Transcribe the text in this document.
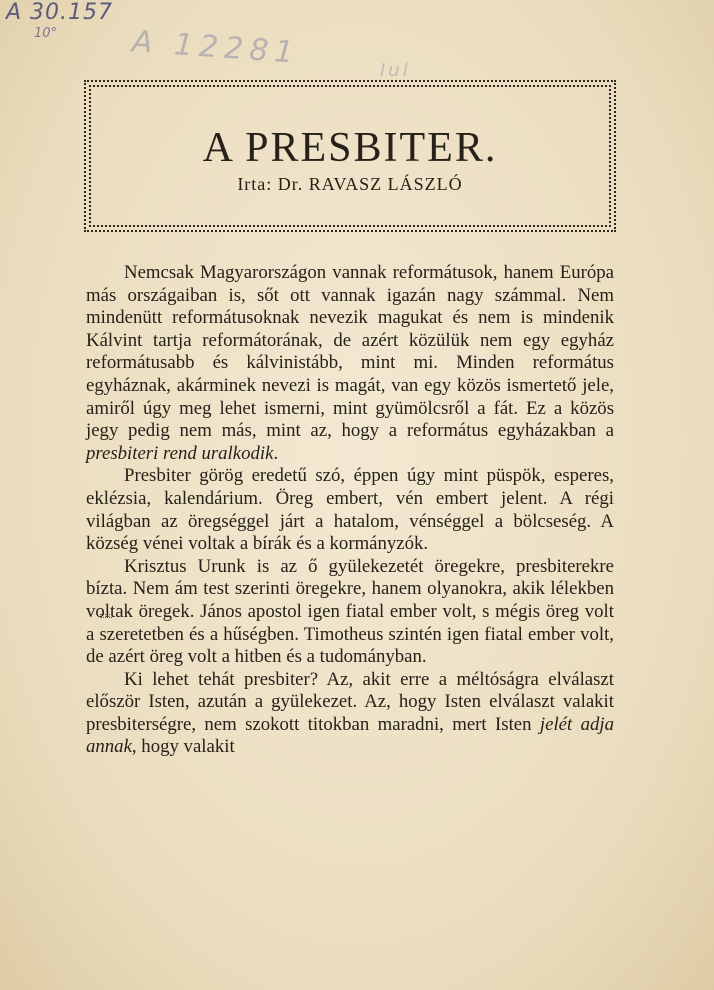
A 30.157
10° A 12281	Iul
A PRESBITER.
Irta: Dr. RAVASZ LÁSZLÓ

Nemcsak Magyarországon vannak reformátusok, hanem Európa más országaiban is, sőt ott vannak igazán nagy számmal. Nem mindenütt reformátusoknak nevezik magukat és nem is mindenik Kálvint tartja reformátorának, de azért közülük nem egy egyház reformátusabb és kálvinistább, mint mi. Minden református egyháznak, akárminek nevezi is magát, van egy közös ismertető jele, amiről úgy meg lehet ismerni, mint gyümölcsről a fát. Ez a közös jegy pedig nem más, mint az, hogy a református egyházakban a presbiteri rend uralkodik.

Presbiter görög eredetű szó, éppen úgy mint püspök, esperes, eklézsia, kalendárium. Öreg embert, vén embert jelent. A régi világban az öregséggel járt a hatalom, vénséggel a bölcseség. A község vénei voltak a bírák és a kormányzók.

Krisztus Urunk is az ő gyülekezetét öregekre, presbiterekre bízta. Nem ám test szerinti öregekre, hanem olyanokra, akik lélekben voltak öregek. János apostol igen fiatal ember volt, s mégis öreg volt a szeretetben és a hűségben. Timotheus szintén igen fiatal ember volt, de azért öreg volt a hitben és a tudományban.

Ki lehet tehát presbiter? Az, akit erre a méltóságra elválaszt először Isten, azután a gyülekezet. Az, hogy Isten elválaszt valakit presbiterségre, nem szokott titokban maradni, mert Isten jelét adja annak, hogy valakit
